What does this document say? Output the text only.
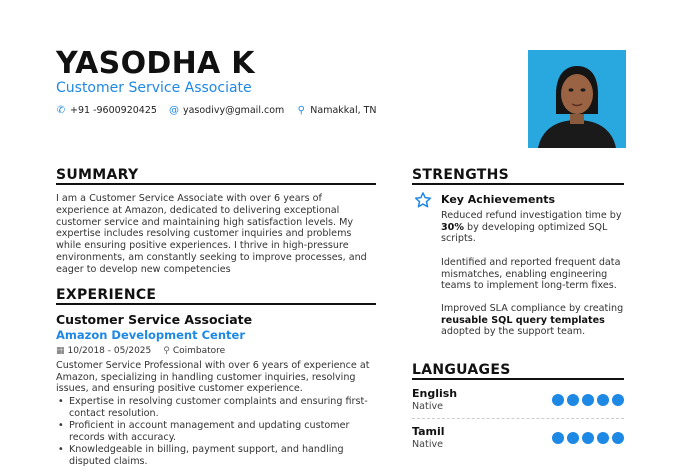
YASODHA K
Customer Service Associate
✆ +91 -9600920425 @ yasodivy@gmail.com ⚲ Namakkal, TN
SUMMARY
I am a Customer Service Associate with over 6 years of experience at Amazon, dedicated to delivering exceptional customer service and maintaining high satisfaction levels. My expertise includes resolving customer inquiries and problems while ensuring positive experiences. I thrive in high-pressure environments, am constantly seeking to improve processes, and eager to develop new competencies
EXPERIENCE
Customer Service Associate
Amazon Development Center
▦ 10/2018 - 05/2025 ⚲ Coimbatore
Customer Service Professional with over 6 years of experience at Amazon, specializing in handling customer inquiries, resolving issues, and ensuring positive customer experience.
• Expertise in resolving customer complaints and ensuring first-contact resolution.
• Proficient in account management and updating customer records with accuracy.
• Knowledgeable in billing, payment support, and handling disputed claims.
STRENGTHS
Key Achievements
Reduced refund investigation time by 30% by developing optimized SQL scripts.
Identified and reported frequent data mismatches, enabling engineering teams to implement long-term fixes.
Improved SLA compliance by creating reusable SQL query templates adopted by the support team.
LANGUAGES
English
Native
Tamil
Native
